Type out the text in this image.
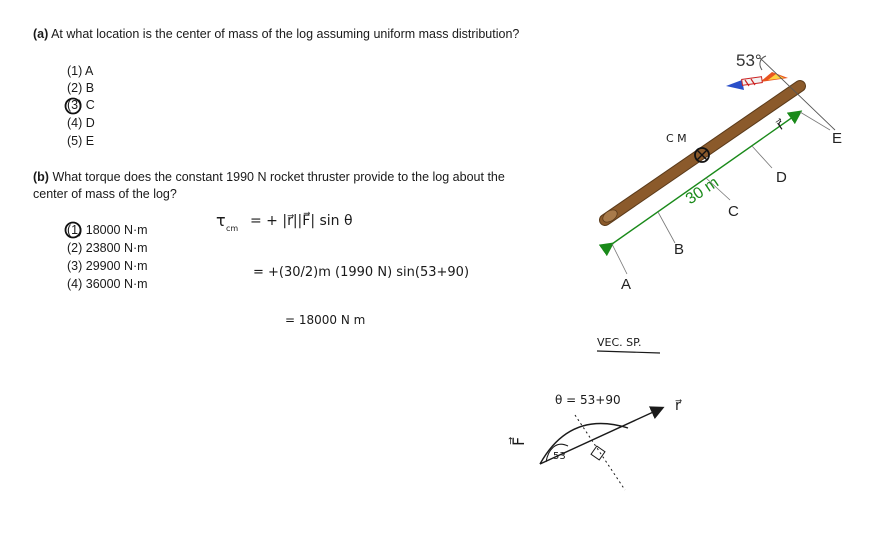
(a) At what location is the center of mass of the log assuming uniform mass distribution?
(1) A
(2) B
(3) C
(4) D
(5) E
(b) What torque does the constant 1990 N rocket thruster provide to the log about the
center of mass of the log?
(1) 18000 N·m
(2) 23800 N·m
(3) 29900 N·m
(4) 36000 N·m
τ cm = + |r⃗||F⃗| sin θ
= +(30/2)m (1990 N) sin(53+90)
= 18000 N m
VEC. SP.
θ = 53+90	r⃗
F⃗
53
30 m
53°
A
B
C
D
E
C M
r⃗
